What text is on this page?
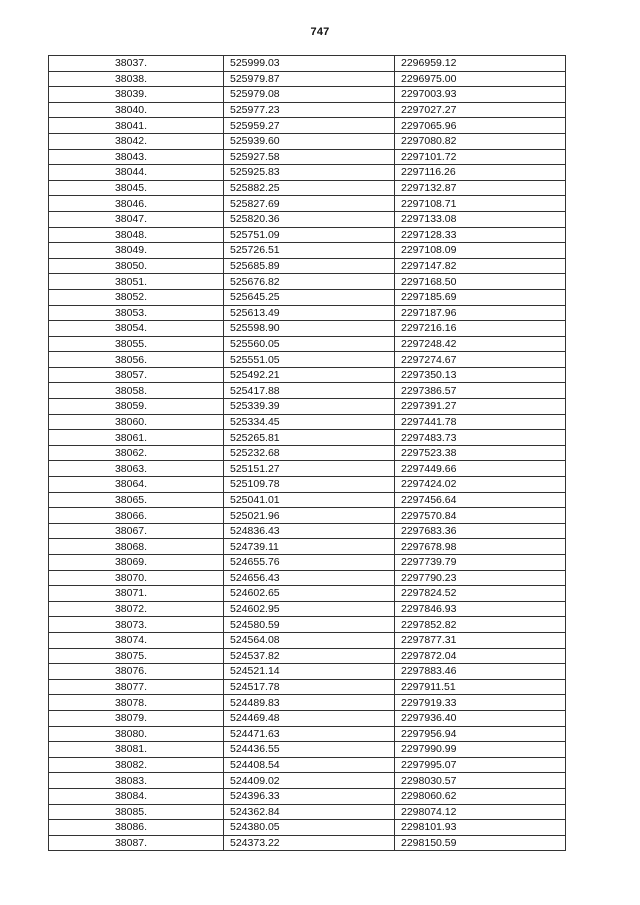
747
38037.	525999.03	2296959.12
38038.	525979.87	2296975.00
38039.	525979.08	2297003.93
38040.	525977.23	2297027.27
38041.	525959.27	2297065.96
38042.	525939.60	2297080.82
38043.	525927.58	2297101.72
38044.	525925.83	2297116.26
38045.	525882.25	2297132.87
38046.	525827.69	2297108.71
38047.	525820.36	2297133.08
38048.	525751.09	2297128.33
38049.	525726.51	2297108.09
38050.	525685.89	2297147.82
38051.	525676.82	2297168.50
38052.	525645.25	2297185.69
38053.	525613.49	2297187.96
38054.	525598.90	2297216.16
38055.	525560.05	2297248.42
38056.	525551.05	2297274.67
38057.	525492.21	2297350.13
38058.	525417.88	2297386.57
38059.	525339.39	2297391.27
38060.	525334.45	2297441.78
38061.	525265.81	2297483.73
38062.	525232.68	2297523.38
38063.	525151.27	2297449.66
38064.	525109.78	2297424.02
38065.	525041.01	2297456.64
38066.	525021.96	2297570.84
38067.	524836.43	2297683.36
38068.	524739.11	2297678.98
38069.	524655.76	2297739.79
38070.	524656.43	2297790.23
38071.	524602.65	2297824.52
38072.	524602.95	2297846.93
38073.	524580.59	2297852.82
38074.	524564.08	2297877.31
38075.	524537.82	2297872.04
38076.	524521.14	2297883.46
38077.	524517.78	2297911.51
38078.	524489.83	2297919.33
38079.	524469.48	2297936.40
38080.	524471.63	2297956.94
38081.	524436.55	2297990.99
38082.	524408.54	2297995.07
38083.	524409.02	2298030.57
38084.	524396.33	2298060.62
38085.	524362.84	2298074.12
38086.	524380.05	2298101.93
38087.	524373.22	2298150.59
